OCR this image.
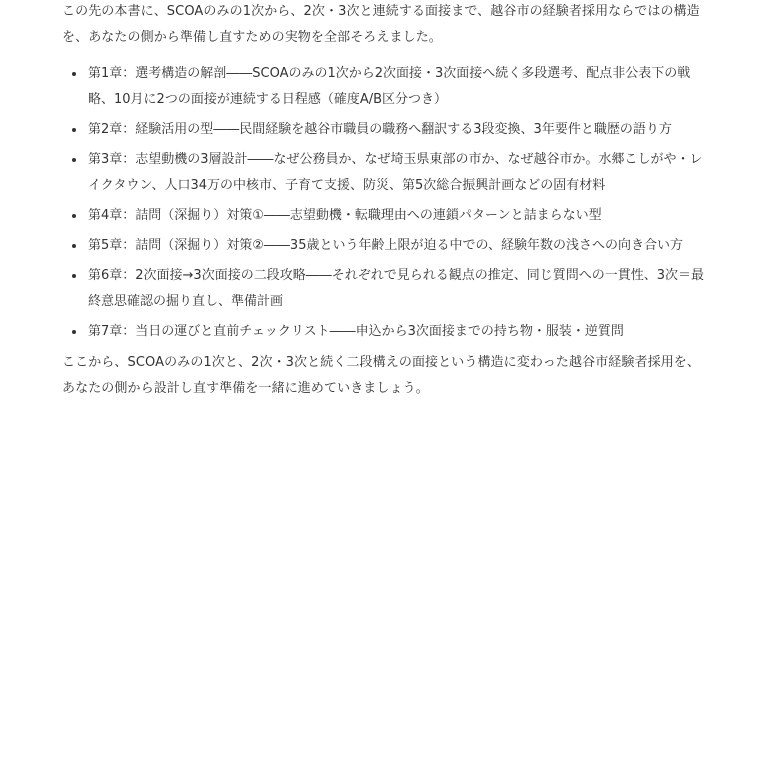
この先の本書に、SCOAのみの1次から、2次・3次と連続する面接まで、越谷市の経験者採用ならではの構造を、あなたの側から準備し直すための実物を全部そろえました。

第1章：選考構造の解剖――SCOAのみの1次から2次面接・3次面接へ続く多段選考、配点非公表下の戦略、10月に2つの面接が連続する日程感（確度A/B区分つき）
第2章：経験活用の型――民間経験を越谷市職員の職務へ翻訳する3段変換、3年要件と職歴の語り方
第3章：志望動機の3層設計――なぜ公務員か、なぜ埼玉県東部の市か、なぜ越谷市か。水郷こしがや・レイクタウン、人口34万の中核市、子育て支援、防災、第5次総合振興計画などの固有材料
第4章：詰問（深掘り）対策①――志望動機・転職理由への連鎖パターンと詰まらない型
第5章：詰問（深掘り）対策②――35歳という年齢上限が迫る中での、経験年数の浅さへの向き合い方
第6章：2次面接→3次面接の二段攻略――それぞれで見られる観点の推定、同じ質問への一貫性、3次＝最終意思確認の掘り直し、準備計画
第7章：当日の運びと直前チェックリスト――申込から3次面接までの持ち物・服装・逆質問

ここから、SCOAのみの1次と、2次・3次と続く二段構えの面接という構造に変わった越谷市経験者採用を、あなたの側から設計し直す準備を一緒に進めていきましょう。
